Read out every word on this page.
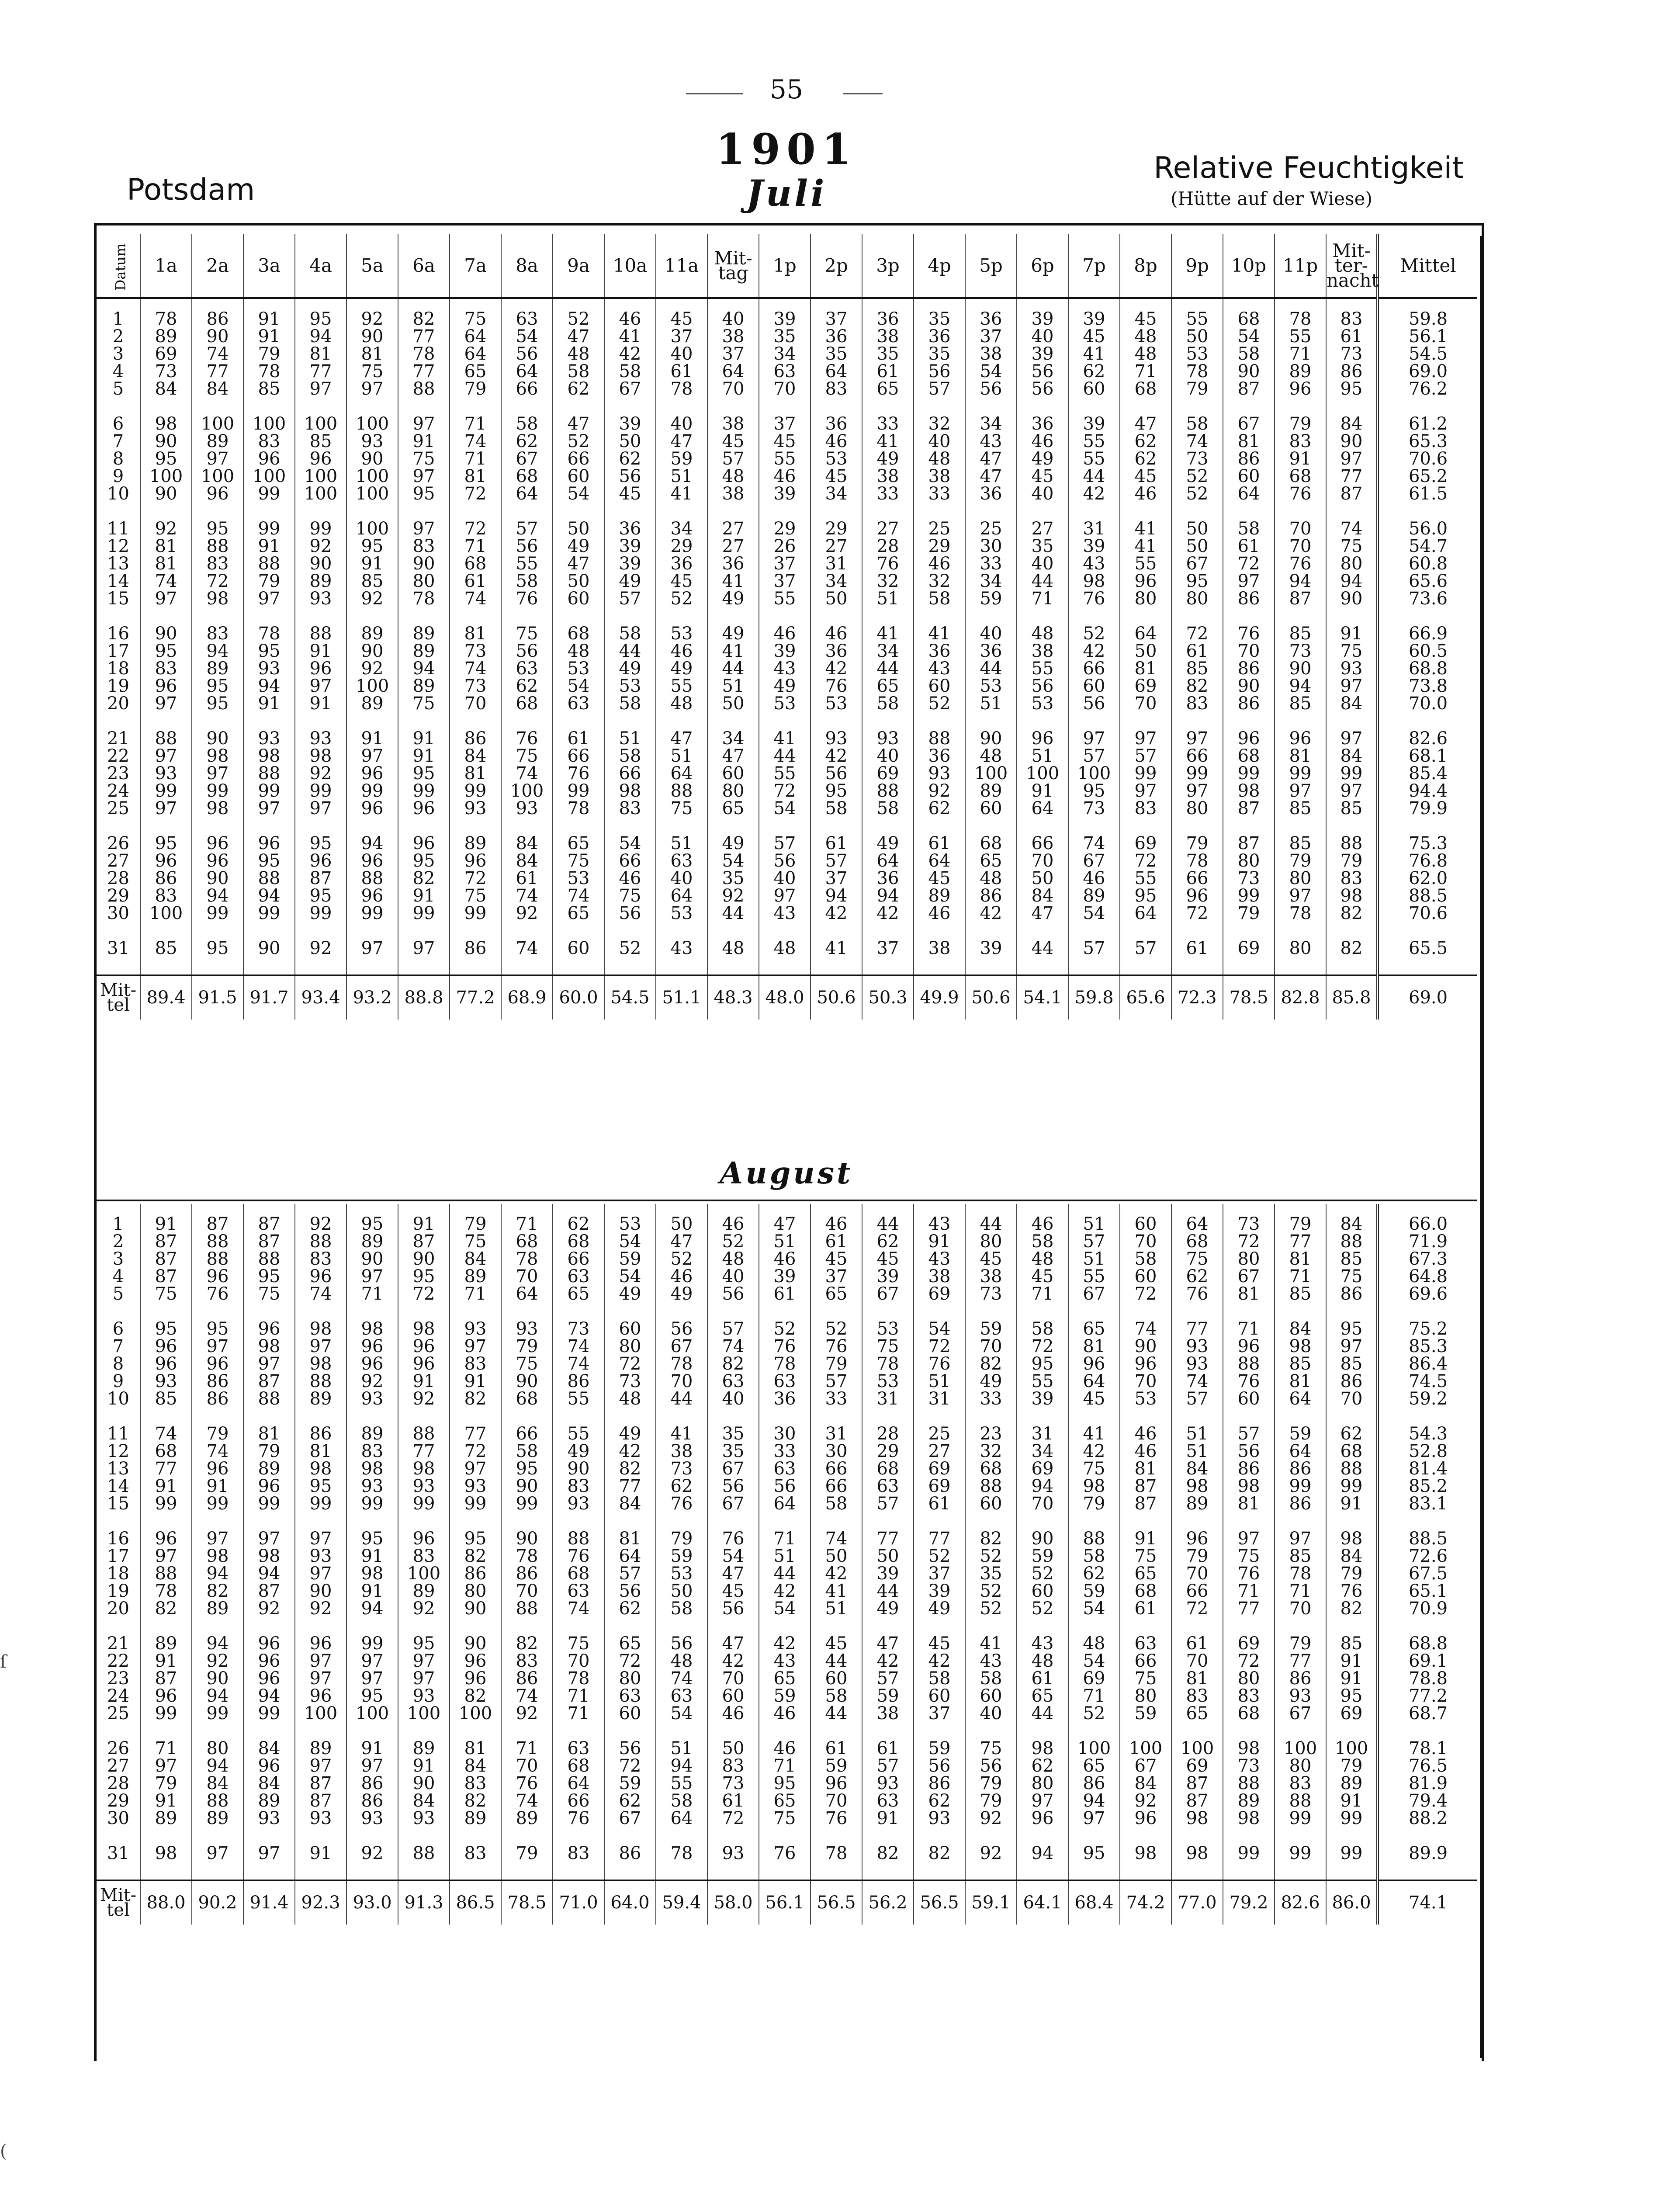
55
1901
Juli
Potsdam
Relative Feuchtigkeit
(Hütte auf der Wiese)
Datum	1a	2a	3a	4a	5a	6a	7a	8a	9a	10a	11a	Mit-tag	1p	2p	3p	4p	5p	6p	7p	8p	9p	10p	11p	Mit-ter-nacht	Mittel

1	78	86	91	95	92	82	75	63	52	46	45	40	39	37	36	35	36	39	39	45	55	68	78	83	59.8
2	89	90	91	94	90	77	64	54	47	41	37	38	35	36	38	36	37	40	45	48	50	54	55	61	56.1
3	69	74	79	81	81	78	64	56	48	42	40	37	34	35	35	35	38	39	41	48	53	58	71	73	54.5
4	73	77	78	77	75	77	65	64	58	58	61	64	63	64	61	56	54	56	62	71	78	90	89	86	69.0
5	84	84	85	97	97	88	79	66	62	67	78	70	70	83	65	57	56	56	60	68	79	87	96	95	76.2

6	98	100	100	100	100	97	71	58	47	39	40	38	37	36	33	32	34	36	39	47	58	67	79	84	61.2
7	90	89	83	85	93	91	74	62	52	50	47	45	45	46	41	40	43	46	55	62	74	81	83	90	65.3
8	95	97	96	96	90	75	71	67	66	62	59	57	55	53	49	48	47	49	55	62	73	86	91	97	70.6
9	100	100	100	100	100	97	81	68	60	56	51	48	46	45	38	38	47	45	44	45	52	60	68	77	65.2
10	90	96	99	100	100	95	72	64	54	45	41	38	39	34	33	33	36	40	42	46	52	64	76	87	61.5

11	92	95	99	99	100	97	72	57	50	36	34	27	29	29	27	25	25	27	31	41	50	58	70	74	56.0
12	81	88	91	92	95	83	71	56	49	39	29	27	26	27	28	29	30	35	39	41	50	61	70	75	54.7
13	81	83	88	90	91	90	68	55	47	39	36	36	37	31	76	46	33	40	43	55	67	72	76	80	60.8
14	74	72	79	89	85	80	61	58	50	49	45	41	37	34	32	32	34	44	98	96	95	97	94	94	65.6
15	97	98	97	93	92	78	74	76	60	57	52	49	55	50	51	58	59	71	76	80	80	86	87	90	73.6

16	90	83	78	88	89	89	81	75	68	58	53	49	46	46	41	41	40	48	52	64	72	76	85	91	66.9
17	95	94	95	91	90	89	73	56	48	44	46	41	39	36	34	36	36	38	42	50	61	70	73	75	60.5
18	83	89	93	96	92	94	74	63	53	49	49	44	43	42	44	43	44	55	66	81	85	86	90	93	68.8
19	96	95	94	97	100	89	73	62	54	53	55	51	49	76	65	60	53	56	60	69	82	90	94	97	73.8
20	97	95	91	91	89	75	70	68	63	58	48	50	53	53	58	52	51	53	56	70	83	86	85	84	70.0

21	88	90	93	93	91	91	86	76	61	51	47	34	41	93	93	88	90	96	97	97	97	96	96	97	82.6
22	97	98	98	98	97	91	84	75	66	58	51	47	44	42	40	36	48	51	57	57	66	68	81	84	68.1
23	93	97	88	92	96	95	81	74	76	66	64	60	55	56	69	93	100	100	100	99	99	99	99	99	85.4
24	99	99	99	99	99	99	99	100	99	98	88	80	72	95	88	92	89	91	95	97	97	98	97	97	94.4
25	97	98	97	97	96	96	93	93	78	83	75	65	54	58	58	62	60	64	73	83	80	87	85	85	79.9

26	95	96	96	95	94	96	89	84	65	54	51	49	57	61	49	61	68	66	74	69	79	87	85	88	75.3
27	96	96	95	96	96	95	96	84	75	66	63	54	56	57	64	64	65	70	67	72	78	80	79	79	76.8
28	86	90	88	87	88	82	72	61	53	46	40	35	40	37	36	45	48	50	46	55	66	73	80	83	62.0
29	83	94	94	95	96	91	75	74	74	75	64	92	97	94	94	89	86	84	89	95	96	99	97	98	88.5
30	100	99	99	99	99	99	99	92	65	56	53	44	43	42	42	46	42	47	54	64	72	79	78	82	70.6

31	85	95	90	92	97	97	86	74	60	52	43	48	48	41	37	38	39	44	57	57	61	69	80	82	65.5

Mit-tel	89.4	91.5	91.7	93.4	93.2	88.8	77.2	68.9	60.0	54.5	51.1	48.3	48.0	50.6	50.3	49.9	50.6	54.1	59.8	65.6	72.3	78.5	82.8	85.8	69.0
August

1	91	87	87	92	95	91	79	71	62	53	50	46	47	46	44	43	44	46	51	60	64	73	79	84	66.0
2	87	88	87	88	89	87	75	68	68	54	47	52	51	61	62	91	80	58	57	70	68	72	77	88	71.9
3	87	88	88	83	90	90	84	78	66	59	52	48	46	45	45	43	45	48	51	58	75	80	81	85	67.3
4	87	96	95	96	97	95	89	70	63	54	46	40	39	37	39	38	38	45	55	60	62	67	71	75	64.8
5	75	76	75	74	71	72	71	64	65	49	49	56	61	65	67	69	73	71	67	72	76	81	85	86	69.6

6	95	95	96	98	98	98	93	93	73	60	56	57	52	52	53	54	59	58	65	74	77	71	84	95	75.2
7	96	97	98	97	96	96	97	79	74	80	67	74	76	76	75	72	70	72	81	90	93	96	98	97	85.3
8	96	96	97	98	96	96	83	75	74	72	78	82	78	79	78	76	82	95	96	96	93	88	85	85	86.4
9	93	86	87	88	92	91	91	90	86	73	70	63	63	57	53	51	49	55	64	70	74	76	81	86	74.5
10	85	86	88	89	93	92	82	68	55	48	44	40	36	33	31	31	33	39	45	53	57	60	64	70	59.2

11	74	79	81	86	89	88	77	66	55	49	41	35	30	31	28	25	23	31	41	46	51	57	59	62	54.3
12	68	74	79	81	83	77	72	58	49	42	38	35	33	30	29	27	32	34	42	46	51	56	64	68	52.8
13	77	96	89	98	98	98	97	95	90	82	73	67	63	66	68	69	68	69	75	81	84	86	86	88	81.4
14	91	91	96	95	93	93	93	90	83	77	62	56	56	66	63	69	88	94	98	87	98	98	99	99	85.2
15	99	99	99	99	99	99	99	99	93	84	76	67	64	58	57	61	60	70	79	87	89	81	86	91	83.1

16	96	97	97	97	95	96	95	90	88	81	79	76	71	74	77	77	82	90	88	91	96	97	97	98	88.5
17	97	98	98	93	91	83	82	78	76	64	59	54	51	50	50	52	52	59	58	75	79	75	85	84	72.6
18	88	94	94	97	98	100	86	86	68	57	53	47	44	42	39	37	35	52	62	65	70	76	78	79	67.5
19	78	82	87	90	91	89	80	70	63	56	50	45	42	41	44	39	52	60	59	68	66	71	71	76	65.1
20	82	89	92	92	94	92	90	88	74	62	58	56	54	51	49	49	52	52	54	61	72	77	70	82	70.9

21	89	94	96	96	99	95	90	82	75	65	56	47	42	45	47	45	41	43	48	63	61	69	79	85	68.8
22	91	92	96	97	97	97	96	83	70	72	48	42	43	44	42	42	43	48	54	66	70	72	77	91	69.1
23	87	90	96	97	97	97	96	86	78	80	74	70	65	60	57	58	58	61	69	75	81	80	86	91	78.8
24	96	94	94	96	95	93	82	74	71	63	63	60	59	58	59	60	60	65	71	80	83	83	93	95	77.2
25	99	99	99	100	100	100	100	92	71	60	54	46	46	44	38	37	40	44	52	59	65	68	67	69	68.7

26	71	80	84	89	91	89	81	71	63	56	51	50	46	61	61	59	75	98	100	100	100	98	100	100	78.1
27	97	94	96	97	97	91	84	70	68	72	94	83	71	59	57	56	56	62	65	67	69	73	80	79	76.5
28	79	84	84	87	86	90	83	76	64	59	55	73	95	96	93	86	79	80	86	84	87	88	83	89	81.9
29	91	88	89	87	86	84	82	74	66	62	58	61	65	70	63	62	79	97	94	92	87	89	88	91	79.4
30	89	89	93	93	93	93	89	89	76	67	64	72	75	76	91	93	92	96	97	96	98	98	99	99	88.2

31	98	97	97	91	92	88	83	79	83	86	78	93	76	78	82	82	92	94	95	98	98	99	99	99	89.9

Mit-tel	88.0	90.2	91.4	92.3	93.0	91.3	86.5	78.5	71.0	64.0	59.4	58.0	56.1	56.5	56.2	56.5	59.1	64.1	68.4	74.2	77.0	79.2	82.6	86.0	74.1
ſ
(
